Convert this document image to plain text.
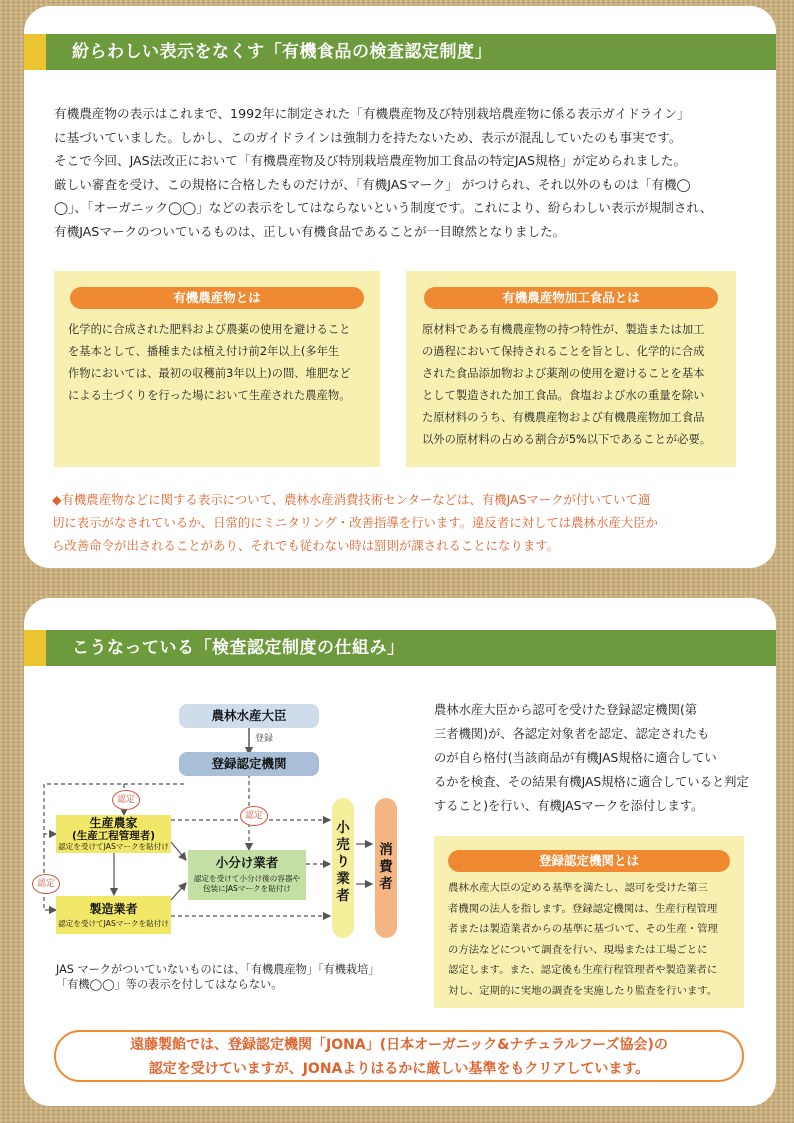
紛らわしい表示をなくす「有機食品の検査認定制度」
有機農産物の表示はこれまで、1992年に制定された「有機農産物及び特別栽培農産物に係る表示ガイドライン」
に基づいていました。しかし、このガイドラインは強制力を持たないため、表示が混乱していたのも事実です。
そこで今回、JAS法改正において「有機農産物及び特別栽培農産物加工食品の特定JAS規格」が定められました。
厳しい審査を受け、この規格に合格したものだけが、「有機JASマーク」 がつけられ、それ以外のものは「有機◯
◯」、「オーガニック◯◯」などの表示をしてはならないという制度です。これにより、紛らわしい表示が規制され、
有機JASマークのついているものは、正しい有機食品であることが一目瞭然となりました。
有機農産物とは
化学的に合成された肥料および農薬の使用を避けること
を基本として、播種または植え付け前2年以上(多年生
作物においては、最初の収穫前3年以上)の間、堆肥など
による土づくりを行った場において生産された農産物。
有機農産物加工食品とは
原材料である有機農産物の持つ特性が、製造または加工
の過程において保持されることを旨とし、化学的に合成
された食品添加物および薬剤の使用を避けることを基本
として製造された加工食品。食塩および水の重量を除い
た原材料のうち、有機農産物および有機農産物加工食品
以外の原材料の占める割合が5%以下であることが必要。
◆有機農産物などに関する表示について、農林水産消費技術センターなどは、有機JASマークが付いていて適
切に表示がなされているか、日常的にミニタリング・改善指導を行います。違反者に対しては農林水産大臣か
ら改善命令が出されることがあり、それでも従わない時は罰則が課されることになります。
こうなっている「検査認定制度の仕組み」
農林水産大臣
登録
登録認定機関
認定
認定
認定
生産農家
(生産工程管理者)
認定を受けてJASマークを貼付け
製造業者
認定を受けてJASマークを貼付け
小分け業者
認定を受けて小分け後の容器や
包装にJASマークを貼付け
小
売
り
業
者
消
費
者
JAS マークがついていないものには、「有機農産物」「有機栽培」
「有機◯◯」等の表示を付してはならない。
農林水産大臣から認可を受けた登録認定機関(第
三者機関)が、各認定対象者を認定、認定されたも
のが自ら格付(当該商品が有機JAS規格に適合してい
るかを検査、その結果有機JAS規格に適合していると判定
すること)を行い、有機JASマークを添付します。
登録認定機関とは
農林水産大臣の定める基準を満たし、認可を受けた第三
者機関の法人を指します。登録認定機関は、生産行程管理
者または製造業者からの基準に基づいて、その生産・管理
の方法などについて調査を行い、現場または工場ごとに
認定します。また、認定後も生産行程管理者や製造業者に
対し、定期的に実地の調査を実施したり監査を行います。
遠藤製餡では、登録認定機関「JONA」(日本オーガニック&ナチュラルフーズ協会)の
認定を受けていますが、JONAよりはるかに厳しい基準をもクリアしています。
